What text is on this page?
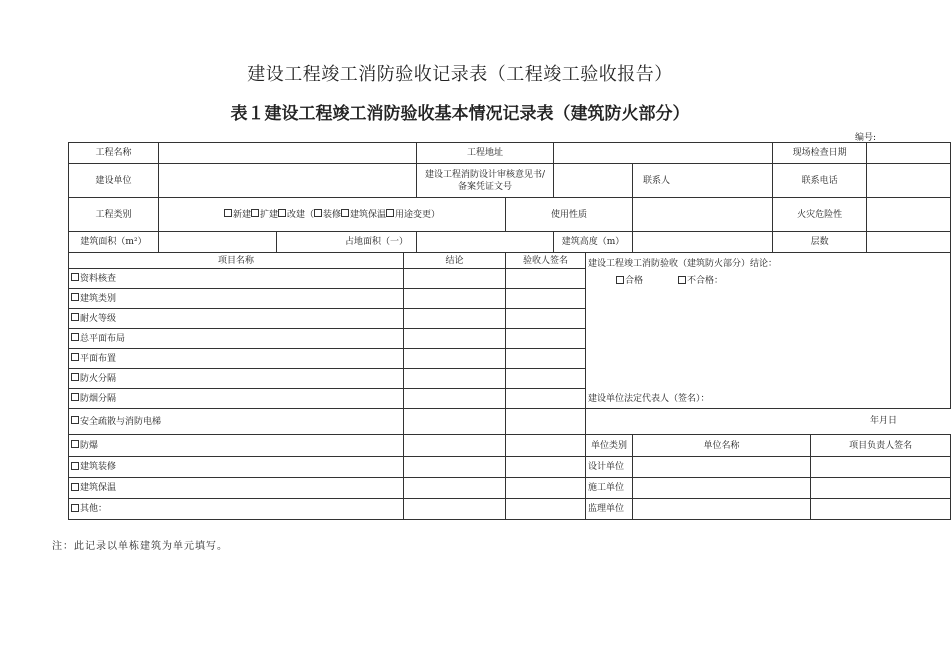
建设工程竣工消防验收记录表（工程竣工验收报告）
表１建设工程竣工消防验收基本情况记录表（建筑防火部分）
编号:
工程名称				工程地址					现场检查日期		
建设单位				建设工程消防设计审核意见书/
备案凭证文号				联系人	联系电话		
工程类别	新建 扩建 改建（ 装修 建筑保温 用途变更）				使用性质				火灾危险性		
建筑面积（m²）		占地面积（一）				建筑高度（m）			层数		
项目名称			结论		验收人签名		建设工程竣工消防验收（建筑防火部分）结论：
合格 不合格：
建设单位法定代表人（签名）：
年月日				

资料核查											
建筑类别											
耐火等级											
总平面布局											
平面布置											
防火分隔											
防烟分隔											
安全疏散与消防电梯											
防爆							单位类别	单位名称		项目负责人签名	
建筑装修							设计单位				
建筑保温							施工单位				
其他：							监理单位				
注：此记录以单栋建筑为单元填写。
